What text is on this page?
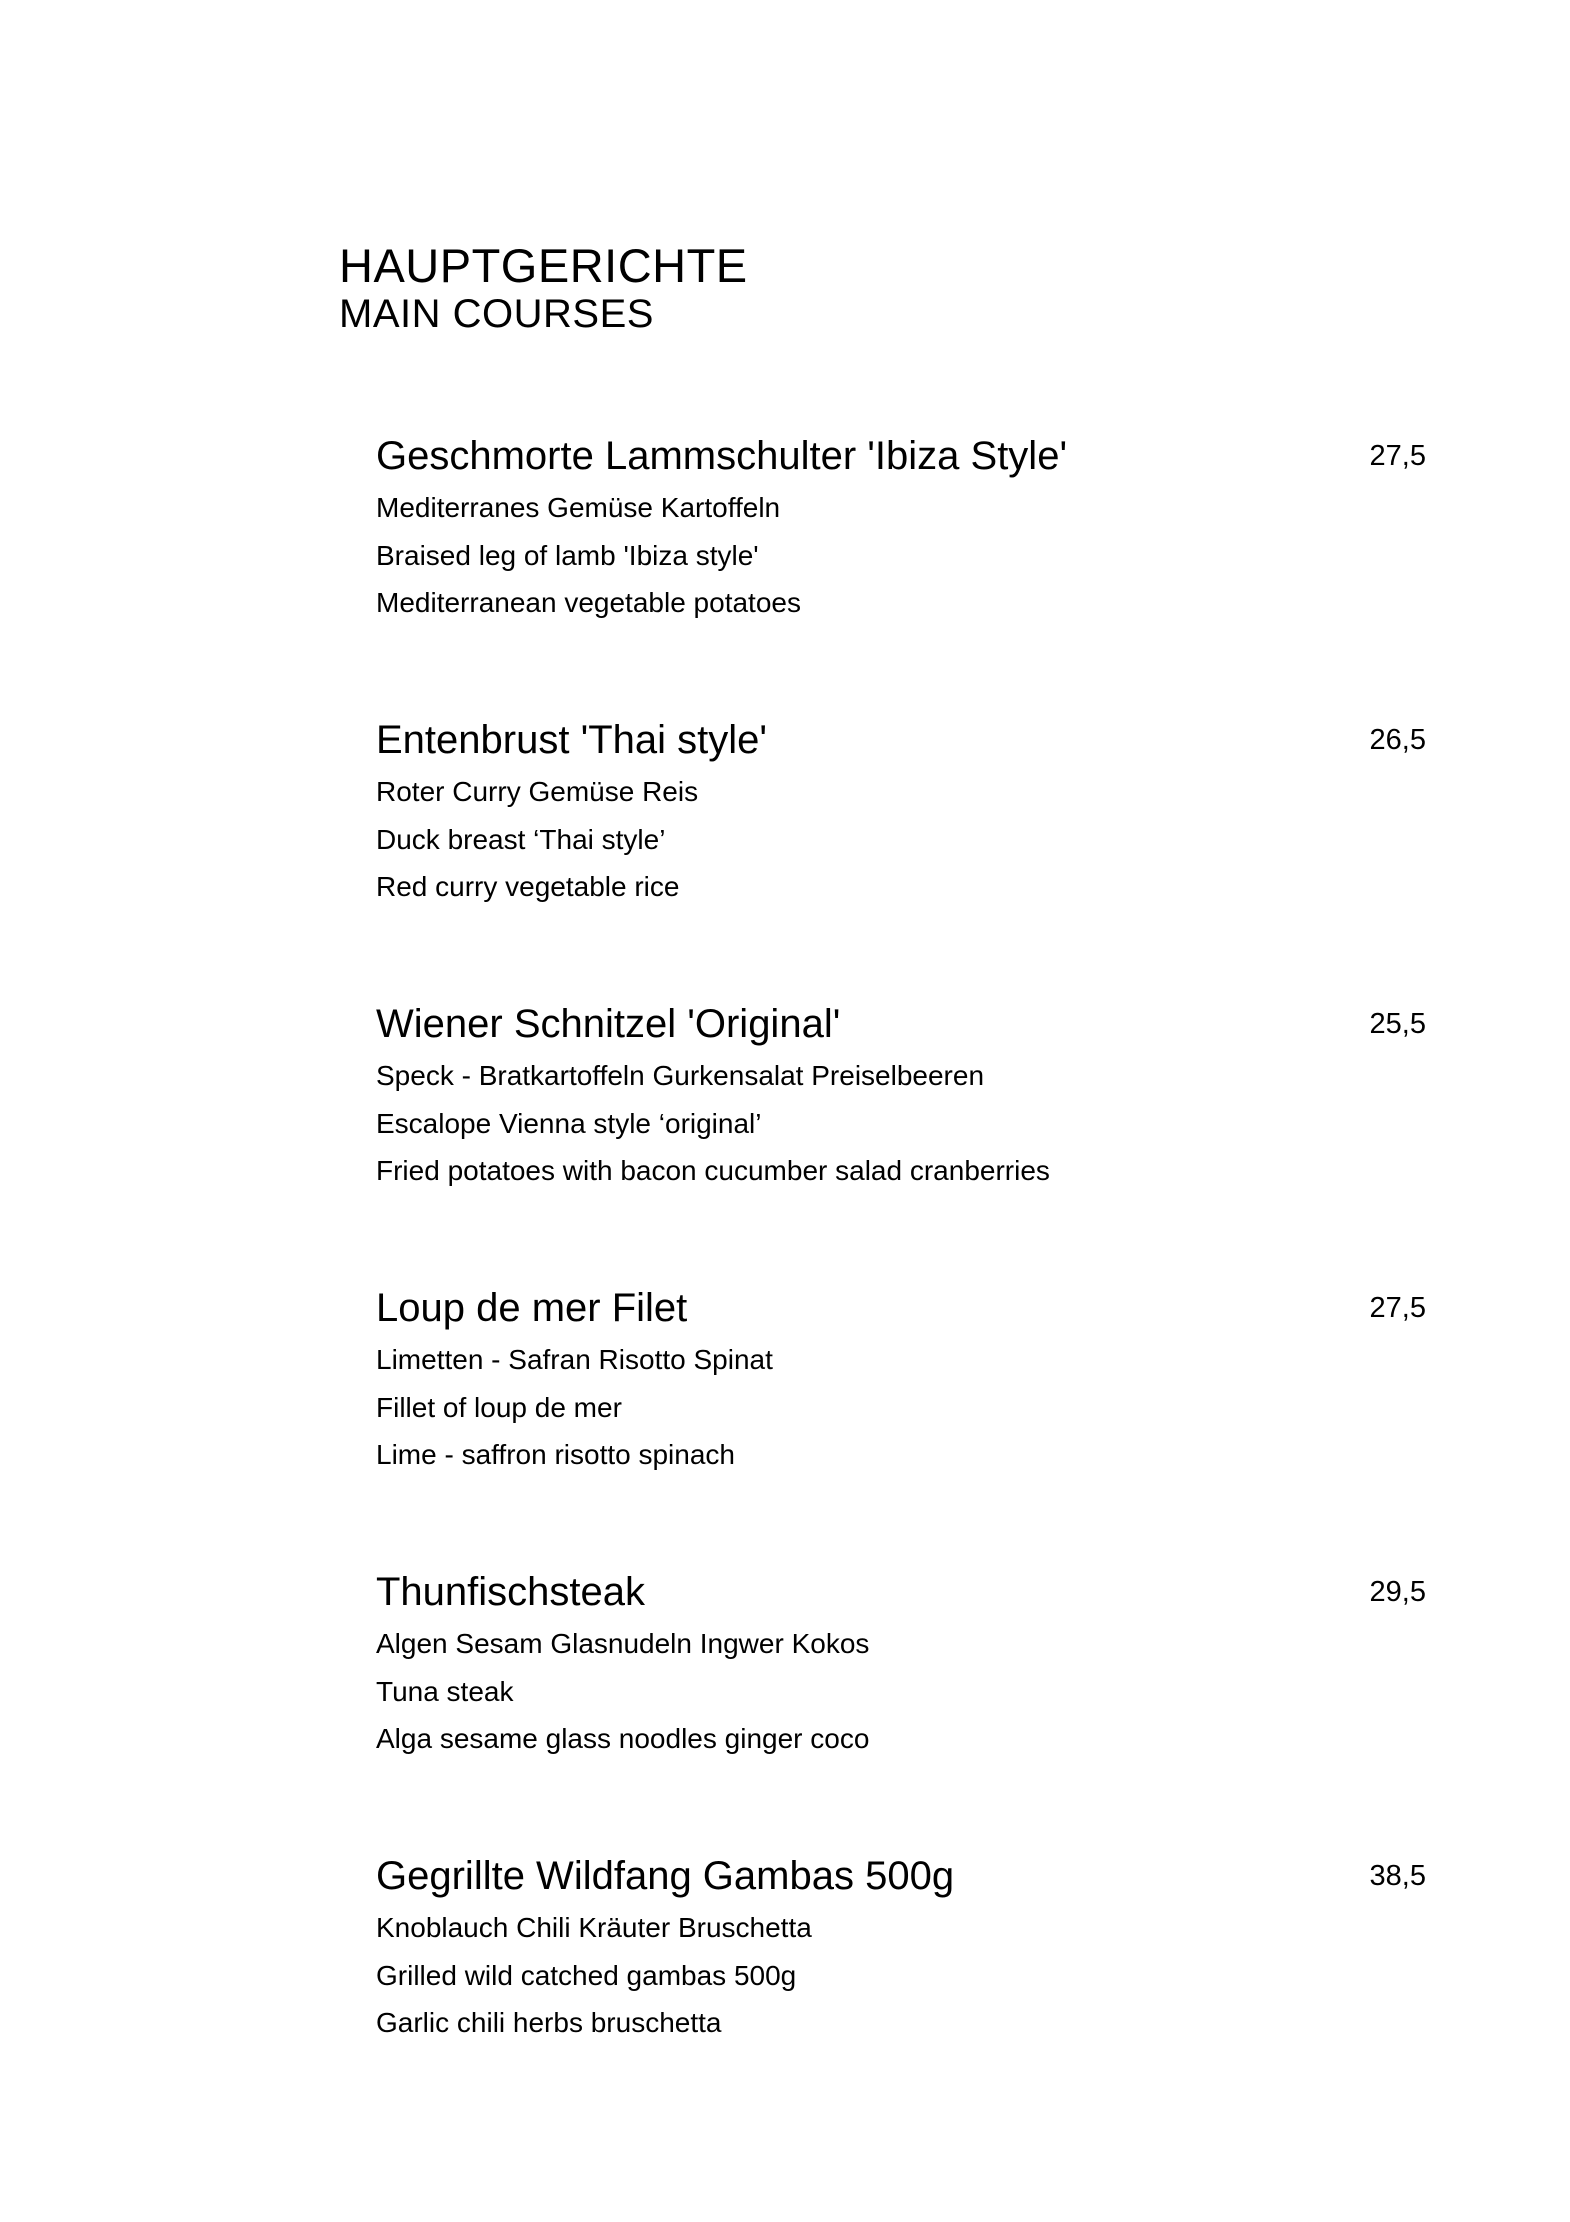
HAUPTGERICHTE
MAIN COURSES
Geschmorte Lammschulter 'Ibiza Style'	27,5
Mediterranes Gemüse Kartoffeln
Braised leg of lamb 'Ibiza style'
Mediterranean vegetable potatoes
Entenbrust 'Thai style'	26,5
Roter Curry Gemüse Reis
Duck breast ‘Thai style’
Red curry vegetable rice
Wiener Schnitzel 'Original'	25,5
Speck - Bratkartoffeln Gurkensalat Preiselbeeren
Escalope Vienna style ‘original’
Fried potatoes with bacon cucumber salad cranberries
Loup de mer Filet	27,5
Limetten - Safran Risotto Spinat
Fillet of loup de mer
Lime - saffron risotto spinach
Thunfischsteak	29,5
Algen Sesam Glasnudeln Ingwer Kokos
Tuna steak
Alga sesame glass noodles ginger coco
Gegrillte Wildfang Gambas 500g	38,5
Knoblauch Chili Kräuter Bruschetta
Grilled wild catched gambas 500g
Garlic chili herbs bruschetta
